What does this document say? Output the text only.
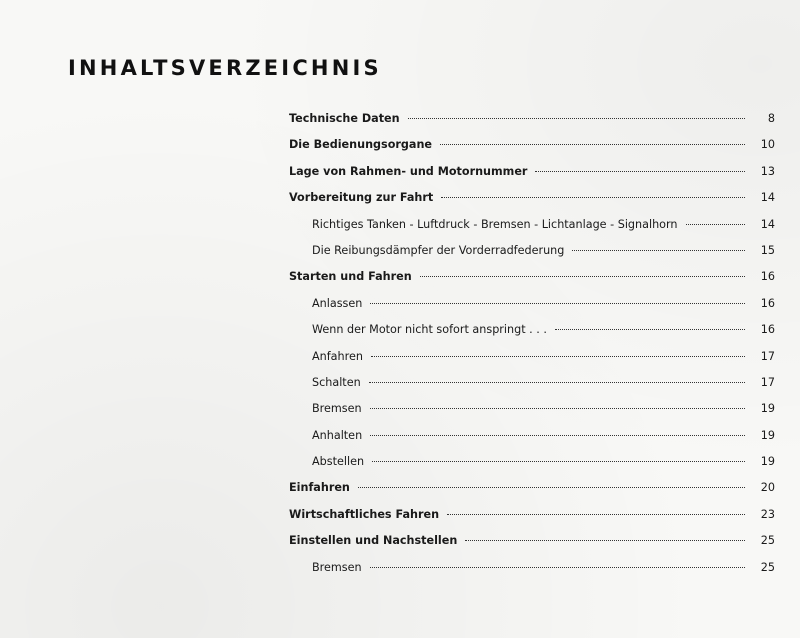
INHALTSVERZEICHNIS
Technische Daten	8
Die Bedienungsorgane	10
Lage von Rahmen- und Motornummer	13
Vorbereitung zur Fahrt	14
Richtiges Tanken - Luftdruck - Bremsen - Lichtanlage - Signalhorn	14
Die Reibungsdämpfer der Vorderradfederung	15
Starten und Fahren	16
Anlassen	16
Wenn der Motor nicht sofort anspringt . . .	16
Anfahren	17
Schalten	17
Bremsen	19
Anhalten	19
Abstellen	19
Einfahren	20
Wirtschaftliches Fahren	23
Einstellen und Nachstellen	25
Bremsen	25
